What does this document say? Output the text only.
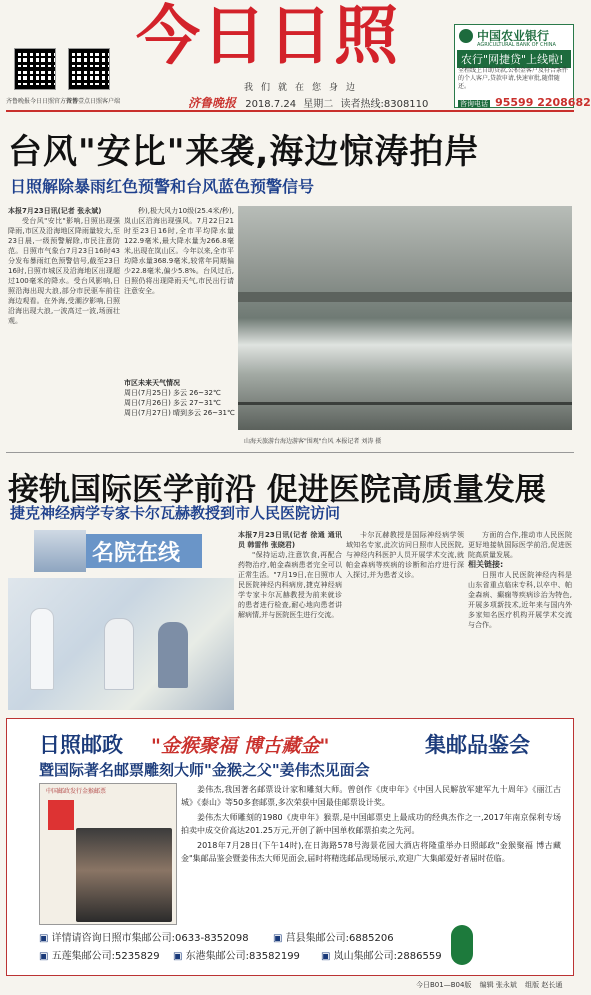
齐鲁晚报今日日照官方微博
齐鲁壹点日照客户端
今日日照
我们就在您身边
济鲁晚报 2018.7.24 星期二 读者热线:8308110
中国农业银行
AGRICULTURAL BANK OF CHINA
农行"网捷贷"上线啦!
全程线上自助贷款,公积金客户及符合条件的个人客户,贷款申请,快速审批,随借随还。
咨询电话 95599 2208682
台风"安比"来袭,海边惊涛拍岸
日照解除暴雨红色预警和台风蓝色预警信号

本报7月23日讯(记者 张永斌)

受台风"安比"影响,日照出现强降雨,市区及沿海地区降雨量较大,至23日晨,一级预警解除,市民注意防范。日照市气象台7月23日16时43分发布暴雨红色预警信号,截至23日16时,日照市城区及沿海地区出现超过100毫米的降水。受台风影响,日照沿海出现大浪,部分市民驱车前往海边观看。在外海,受潮汐影响,日照沿海出现大浪,一波高过一波,场面壮观。

秒),极大风力10级(25.4米/秒),岚山区沿海出现强风。7月22日21时至23日16时,全市平均降水量122.9毫米,最大降水量为266.8毫米,出现在岚山区。今年以来,全市平均降水量368.9毫米,较常年同期偏少22.8毫米,偏少5.8%。台风过后,日照仍将出现降雨天气,市民出行请注意安全。

市区未来天气情况
周日(7月25日) 多云 26~32℃
周日(7月26日) 多云 27~31℃
周日(7月27日) 晴到多云 26~31℃
山海天旅游台海边游客"围观"台风 本报记者 刘涛 摄
接轨国际医学前沿 促进医院高质量发展
捷克神经病学专家卡尔瓦赫教授到市人民医院访问
名院在线

本报7月23日讯(记者 徐通 通讯员 韩雷伟 张晓君)

"保持运动,注意饮食,再配合药物治疗,帕金森病患者完全可以正常生活。"7月19日,在日照市人民医院神经内科病房,捷克神经病学专家卡尔瓦赫教授为前来就诊的患者进行检查,耐心地向患者讲解病情,并与医院医生进行交流。

卡尔瓦赫教授是国际神经病学领域知名专家,此次访问日照市人民医院,与神经内科医护人员开展学术交流,就帕金森病等疾病的诊断和治疗进行深入探讨,并为患者义诊。

方面的合作,推动市人民医院更好地接轨国际医学前沿,促进医院高质量发展。

相关链接:

日照市人民医院神经内科是山东省重点临床专科,以卒中、帕金森病、癫痫等疾病诊治为特色,开展多项新技术,近年来与国内外多家知名医疗机构开展学术交流与合作。

日照邮政 "金猴聚福 博古藏金"	集邮品鉴会
暨国际著名邮票雕刻大师"金猴之父"姜伟杰见面会
中国邮政发行金猴邮票	姜伟杰,我国著名邮票设计家和雕刻大师。曾创作《庚申年》《中国人民解放军建军九十周年》《丽江古城》《泰山》等50多套邮票,多次荣获中国最佳邮票设计奖。

姜伟杰大师雕刻的1980《庚申年》猴票,是中国邮票史上最成功的经典杰作之一,2017年南京保利专场拍卖中成交价高达201.25万元,开创了新中国单枚邮票拍卖之先河。

2018年7月28日(下午14时),在日海路578号海景花园大酒店将隆重举办日照邮政"金猴聚福 博古藏金"集邮品鉴会暨姜伟杰大师见面会,届时将精选邮品现场展示,欢迎广大集邮爱好者届时莅临。

▣ 详情请咨询日照市集邮公司:0633-8352098 ▣ 莒县集邮公司:6885206
▣ 五莲集邮公司:5235829 ▣ 东港集邮公司:83582199 ▣ 岚山集邮公司:2886559
今日B01—B04版 编辑 张永斌 组版 赵长通
